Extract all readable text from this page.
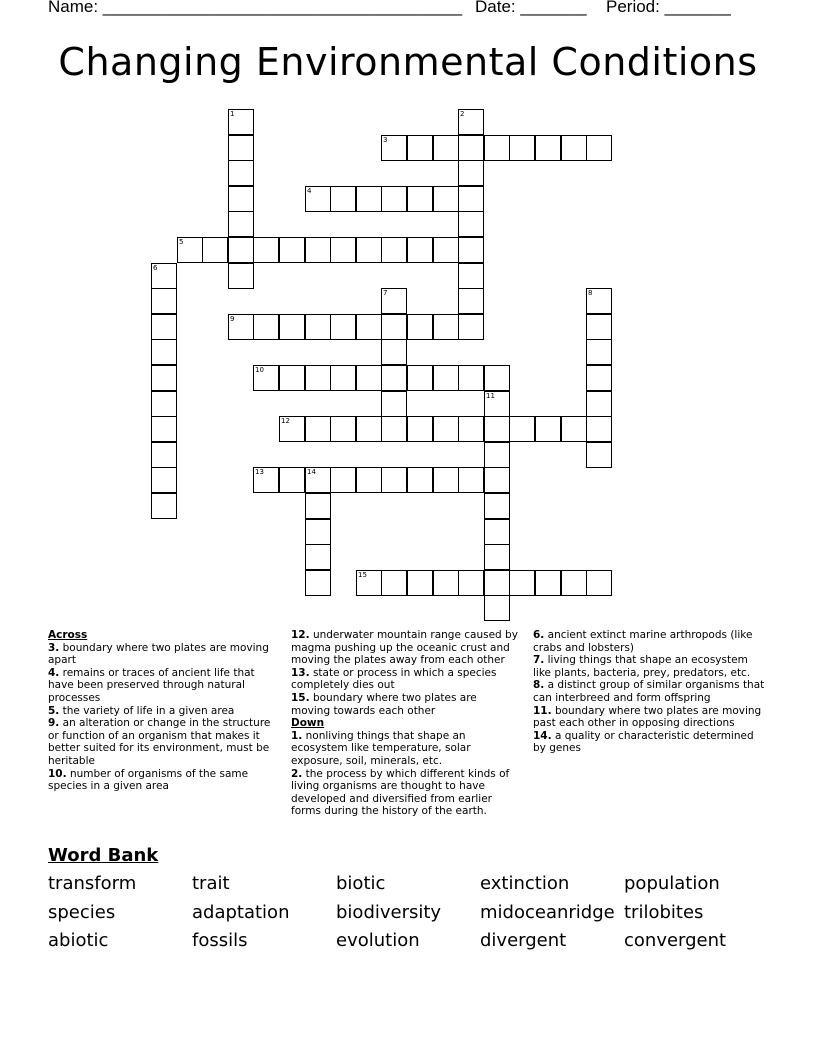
Name: ______________________________________ Date: _______ Period: _______
Changing Environmental Conditions
3
4
5
9
10
12
13	14
15
1	2
6
7	8
11
Across
3. boundary where two plates are moving apart
4. remains or traces of ancient life that have been preserved through natural processes
5. the variety of life in a given area
9. an alteration or change in the structure or function of an organism that makes it better suited for its environment, must be heritable
10. number of organisms of the same species in a given area
12. underwater mountain range caused by magma pushing up the oceanic crust and moving the plates away from each other
13. state or process in which a species completely dies out
15. boundary where two plates are moving towards each other
Down
1. nonliving things that shape an ecosystem like temperature, solar exposure, soil, minerals, etc.
2. the process by which different kinds of living organisms are thought to have developed and diversified from earlier forms during the history of the earth.
6. ancient extinct marine arthropods (like crabs and lobsters)
7. living things that shape an ecosystem like plants, bacteria, prey, predators, etc.
8. a distinct group of similar organisms that can interbreed and form offspring
11. boundary where two plates are moving past each other in opposing directions
14. a quality or characteristic determined by genes
Word Bank
transform	trait	biotic	extinction	population
species	adaptation	biodiversity midoceanridge trilobites
abiotic	fossils	evolution	divergent	convergent
